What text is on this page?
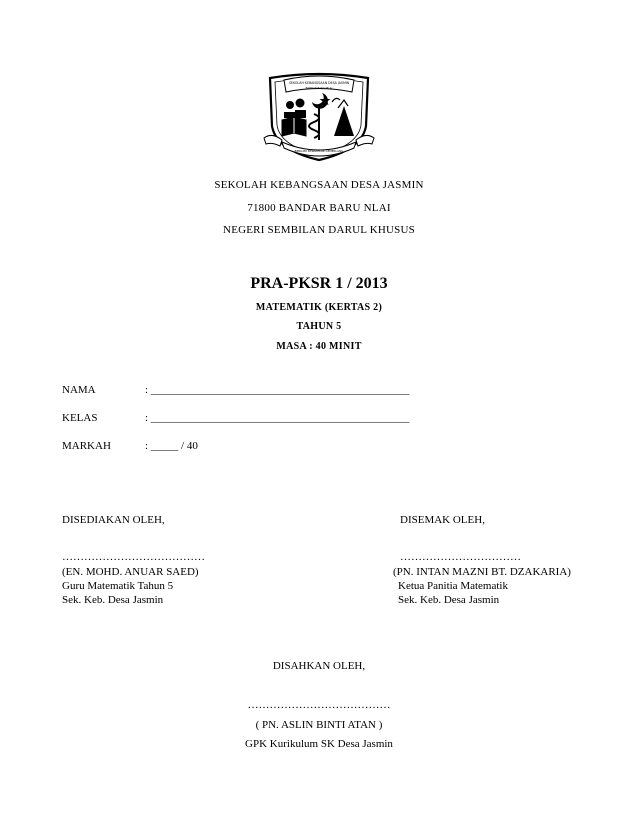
SEKOLAH KEBANGSAAN DESA JASMIN
BANDAR BARU NILAI
BERILMU BERAKHLAK CEMERLANG
SEKOLAH KEBANGSAAN DESA JASMIN
71800 BANDAR BARU NLAI
NEGERI SEMBILAN DARUL KHUSUS
PRA-PKSR 1 / 2013
MATEMATIK (KERTAS 2)
TAHUN 5
MASA : 40 MINIT
NAMA	: _______________________________________________
KELAS	: _______________________________________________
MARKAH	: _____ / 40
DISEDIAKAN OLEH,
…………………………………
(EN. MOHD. ANUAR SAED)
Guru Matematik Tahun 5
Sek. Keb. Desa Jasmin
DISEMAK OLEH,
……………………………
(PN. INTAN MAZNI BT. DZAKARIA)
Ketua Panitia Matematik
Sek. Keb. Desa Jasmin
DISAHKAN OLEH,
…………………………………
( PN. ASLIN BINTI ATAN )
GPK Kurikulum SK Desa Jasmin
